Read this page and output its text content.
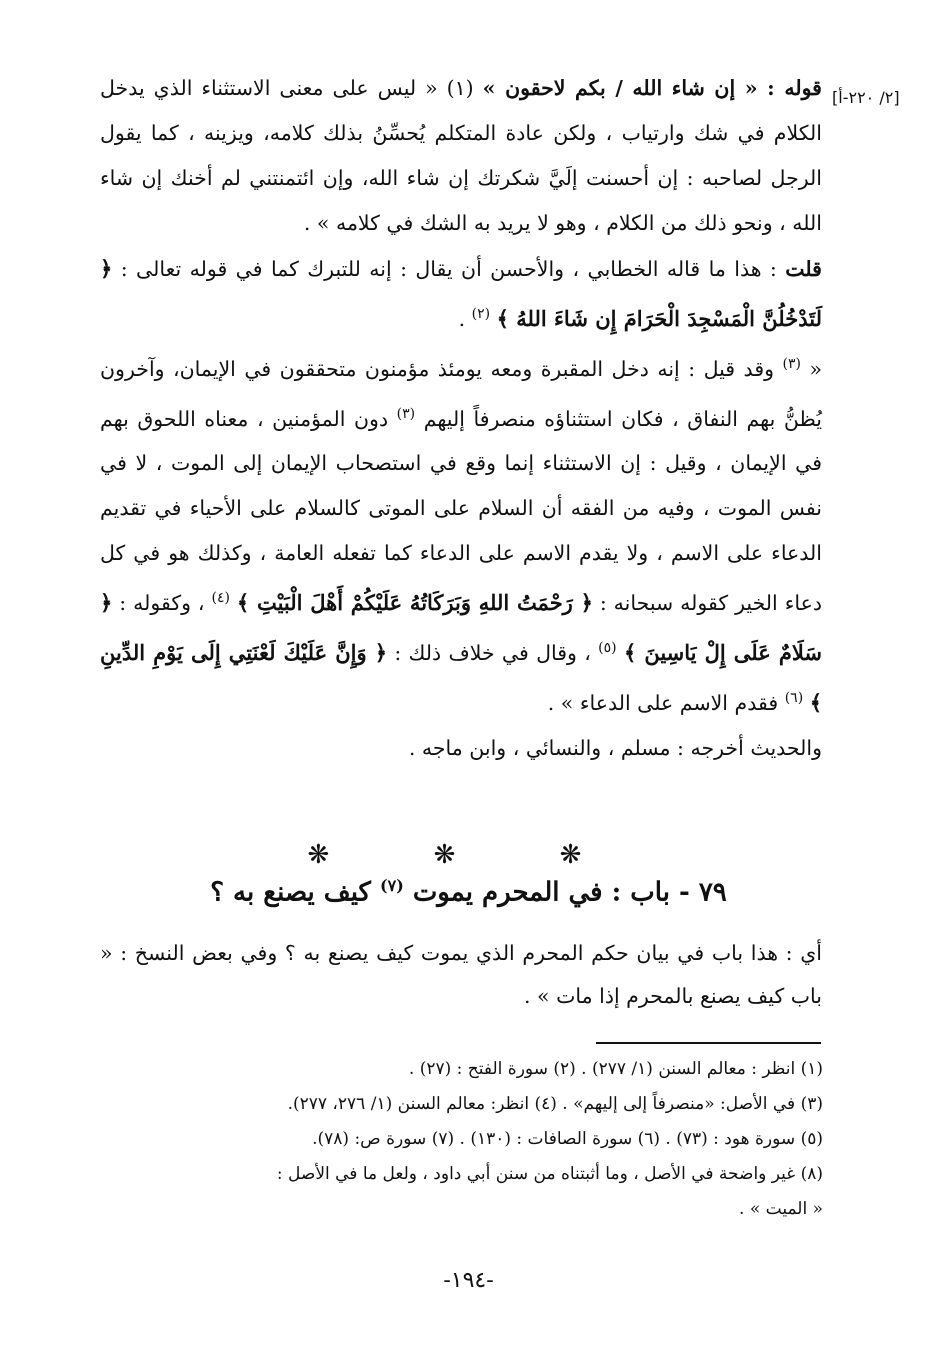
[٢/ ٢٢٠-أ]

قوله : « إن شاء الله / بكم لاحقون » (١) « ليس على معنى الاستثناء الذي يدخل الكلام في شك وارتياب ، ولكن عادة المتكلم يُحسِّنُ بذلك كلامه، ويزينه ، كما يقول الرجل لصاحبه : إن أحسنت إلَيَّ شكرتك إن شاء الله، وإن ائتمنتني لم أخنك إن شاء الله ، ونحو ذلك من الكلام ، وهو لا يريد به الشك في كلامه » .

قلت : هذا ما قاله الخطابي ، والأحسن أن يقال : إنه للتبرك كما في قوله تعالى : ﴿ لَتَدْخُلُنَّ الْمَسْجِدَ الْحَرَامَ إِن شَاءَ اللهُ ﴾ $^{(٢)}$ .

« $^{(٣)}$ وقد قيل : إنه دخل المقبرة ومعه يومئذ مؤمنون متحققون في الإيمان، وآخرون يُظنُّ بهم النفاق ، فكان استثناؤه منصرفاً إليهم $^{(٣)}$ دون المؤمنين ، معناه اللحوق بهم في الإيمان ، وقيل : إن الاستثناء إنما وقع في استصحاب الإيمان إلى الموت ، لا في نفس الموت ، وفيه من الفقه أن السلام على الموتى كالسلام على الأحياء في تقديم الدعاء على الاسم ، ولا يقدم الاسم على الدعاء كما تفعله العامة ، وكذلك هو في كل دعاء الخير كقوله سبحانه : ﴿ رَحْمَتُ اللهِ وَبَرَكَاتُهُ عَلَيْكُمْ أَهْلَ الْبَيْتِ ﴾ $^{(٤)}$ ، وكقوله : ﴿ سَلَامٌ عَلَى إِلْ يَاسِينَ ﴾ $^{(٥)}$ ، وقال في خلاف ذلك : ﴿ وَإِنَّ عَلَيْكَ لَعْنَتِي إِلَى يَوْمِ الدِّينِ ﴾ $^{(٦)}$ فقدم الاسم على الدعاء » .

والحديث أخرجه : مسلم ، والنسائي ، وابن ماجه .

❋ ❋ ❋
٧٩ - باب : في المحرم يموت $^{(٧)}$ كيف يصنع به ؟
أي : هذا باب في بيان حكم المحرم الذي يموت كيف يصنع به ؟ وفي بعض النسخ : « باب كيف يصنع بالمحرم إذا مات » .
(١) انظر : معالم السنن (١/ ٢٧٧) . (٢) سورة الفتح : (٢٧) .
(٣) في الأصل: «منصرفاً إلى إليهم» . (٤) انظر: معالم السنن (١/ ٢٧٦، ٢٧٧).
(٥) سورة هود : (٧٣) . (٦) سورة الصافات : (١٣٠) . (٧) سورة ص: (٧٨).
(٨) غير واضحة في الأصل ، وما أثبتناه من سنن أبي داود ، ولعل ما في الأصل :
« الميت » .
-١٩٤-
